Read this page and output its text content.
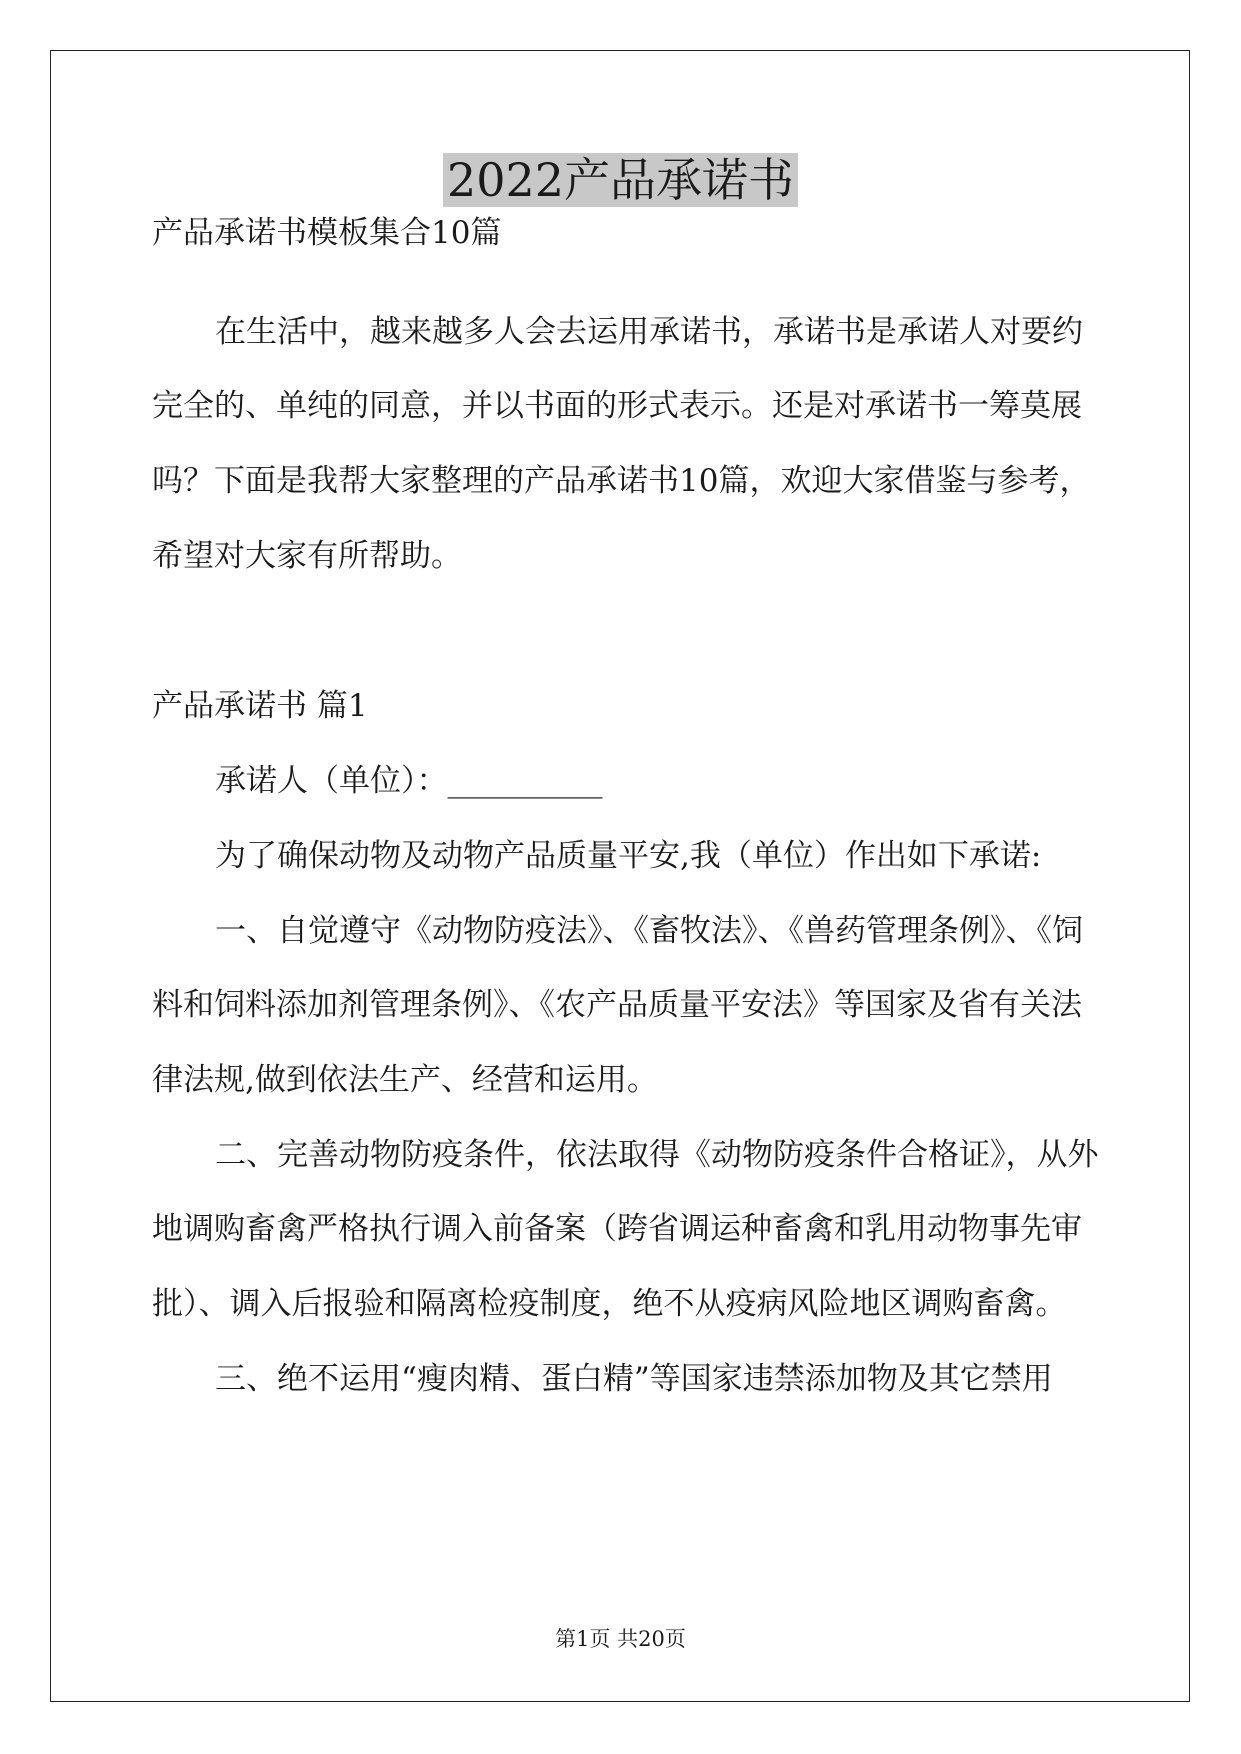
2022产品承诺书
产品承诺书模板集合10篇
在生活中，越来越多人会去运用承诺书，承诺书是承诺人对要约
完全的、单纯的同意，并以书面的形式表示。还是对承诺书一筹莫展
吗？下面是我帮大家整理的产品承诺书10篇，欢迎大家借鉴与参考，
希望对大家有所帮助。
产品承诺书 篇1
承诺人（单位）：__________
为了确保动物及动物产品质量平安,我（单位）作出如下承诺:
一、自觉遵守《动物防疫法》、《畜牧法》、《兽药管理条例》、《饲
料和饲料添加剂管理条例》、《农产品质量平安法》等国家及省有关法
律法规,做到依法生产、经营和运用。
二、完善动物防疫条件，依法取得《动物防疫条件合格证》，从外
地调购畜禽严格执行调入前备案（跨省调运种畜禽和乳用动物事先审
批）、调入后报验和隔离检疫制度，绝不从疫病风险地区调购畜禽。
三、绝不运用“瘦肉精、蛋白精”等国家违禁添加物及其它禁用
第1页 共20页
